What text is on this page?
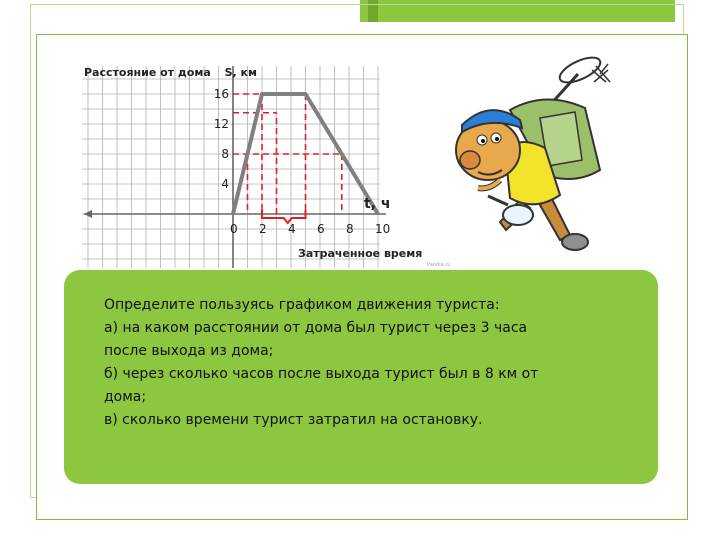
0 2 4 6 8 10
4
8
12
16
Расстояние от дома S, км
t, ч
Затраченное время
Pandia.ru
Определите пользуясь графиком движения туриста:
а) на каком расстоянии от дома был турист через 3 часа
после выхода из дома;
б) через сколько часов после выхода турист был в 8 км от
дома;
в) сколько времени турист затратил на остановку.
